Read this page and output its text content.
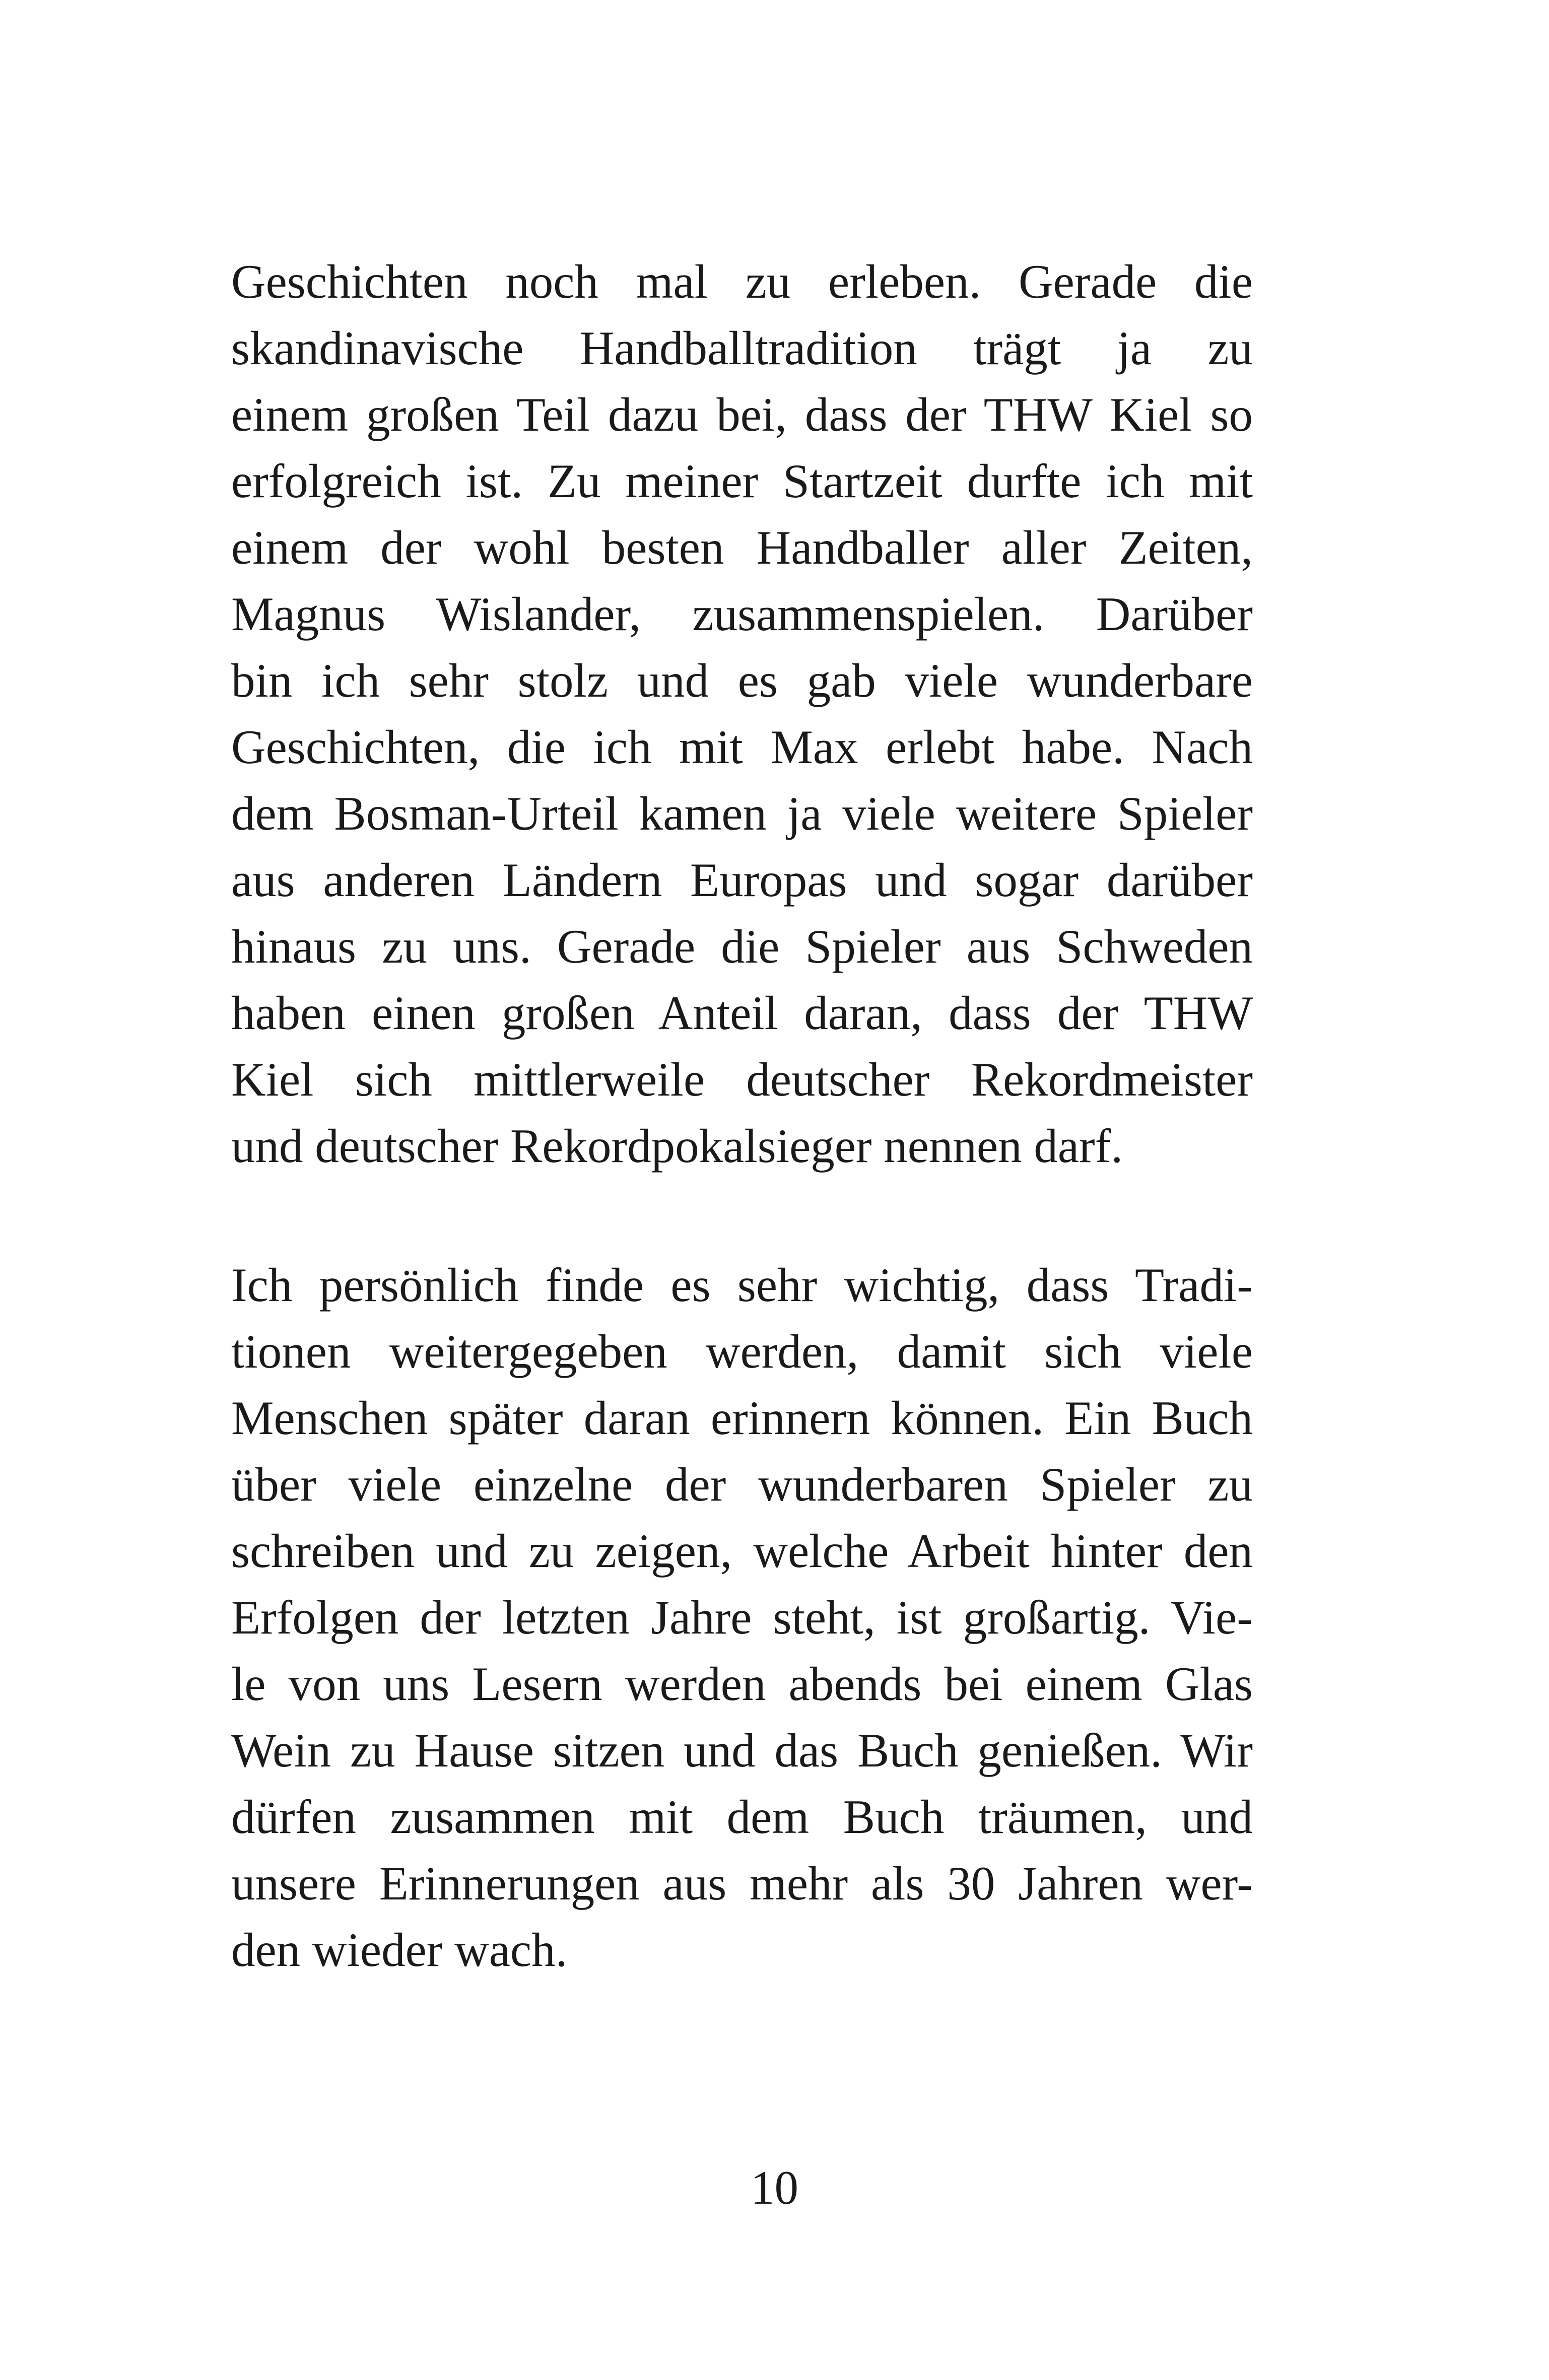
Geschichten noch mal zu erleben. Gerade die
skandinavische Handballtradition trägt ja zu
einem großen Teil dazu bei, dass der THW Kiel so
erfolgreich ist. Zu meiner Startzeit durfte ich mit
einem der wohl besten Handballer aller Zeiten,
Magnus Wislander, zusammenspielen. Darüber
bin ich sehr stolz und es gab viele wunderbare
Geschichten, die ich mit Max erlebt habe. Nach
dem Bosman-Urteil kamen ja viele weitere Spieler
aus anderen Ländern Europas und sogar darüber
hinaus zu uns. Gerade die Spieler aus Schweden
haben einen großen Anteil daran, dass der THW
Kiel sich mittlerweile deutscher Rekordmeister
und deutscher Rekordpokalsieger nennen darf.
Ich persönlich finde es sehr wichtig, dass Tradi-
tionen weitergegeben werden, damit sich viele
Menschen später daran erinnern können. Ein Buch
über viele einzelne der wunderbaren Spieler zu
schreiben und zu zeigen, welche Arbeit hinter den
Erfolgen der letzten Jahre steht, ist großartig. Vie-
le von uns Lesern werden abends bei einem Glas
Wein zu Hause sitzen und das Buch genießen. Wir
dürfen zusammen mit dem Buch träumen, und
unsere Erinnerungen aus mehr als 30 Jahren wer-
den wieder wach.
10
